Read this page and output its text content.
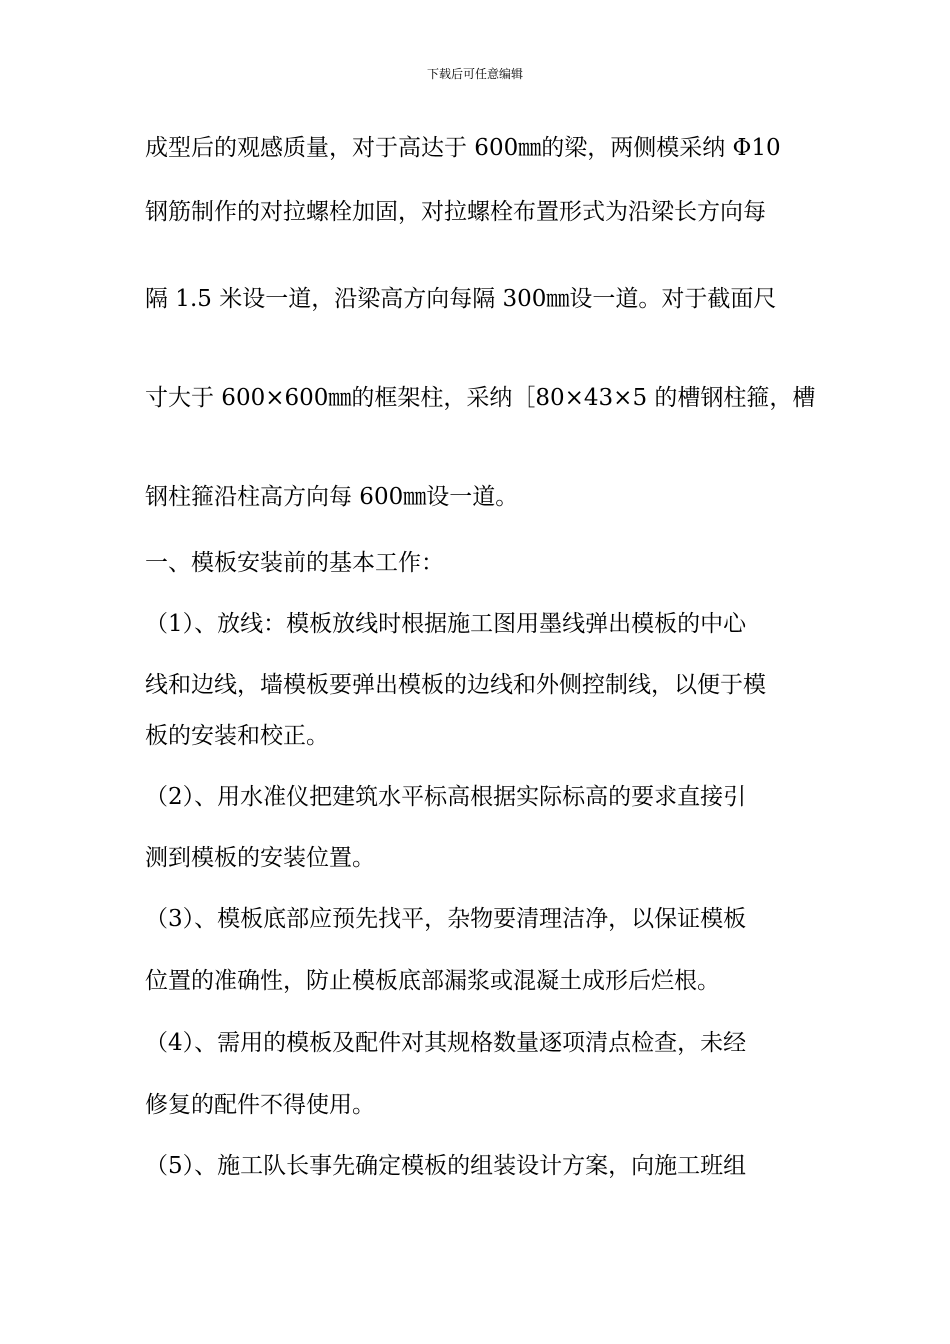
下载后可任意编辑
成型后的观感质量，对于高达于 600㎜的梁，两侧模采纳 Φ10
钢筋制作的对拉螺栓加固，对拉螺栓布置形式为沿梁长方向每
隔 1.5 米设一道，沿梁高方向每隔 300㎜设一道。对于截面尺
寸大于 600×600㎜的框架柱，采纳［80×43×5 的槽钢柱箍，槽
钢柱箍沿柱高方向每 600㎜设一道。
一、模板安装前的基本工作：
（1）、放线：模板放线时根据施工图用墨线弹出模板的中心
线和边线，墙模板要弹出模板的边线和外侧控制线，以便于模
板的安装和校正。
（2）、用水准仪把建筑水平标高根据实际标高的要求直接引
测到模板的安装位置。
（3）、模板底部应预先找平，杂物要清理洁净，以保证模板
位置的准确性，防止模板底部漏浆或混凝土成形后烂根。
（4）、需用的模板及配件对其规格数量逐项清点检查，未经
修复的配件不得使用。
（5）、施工队长事先确定模板的组装设计方案，向施工班组
